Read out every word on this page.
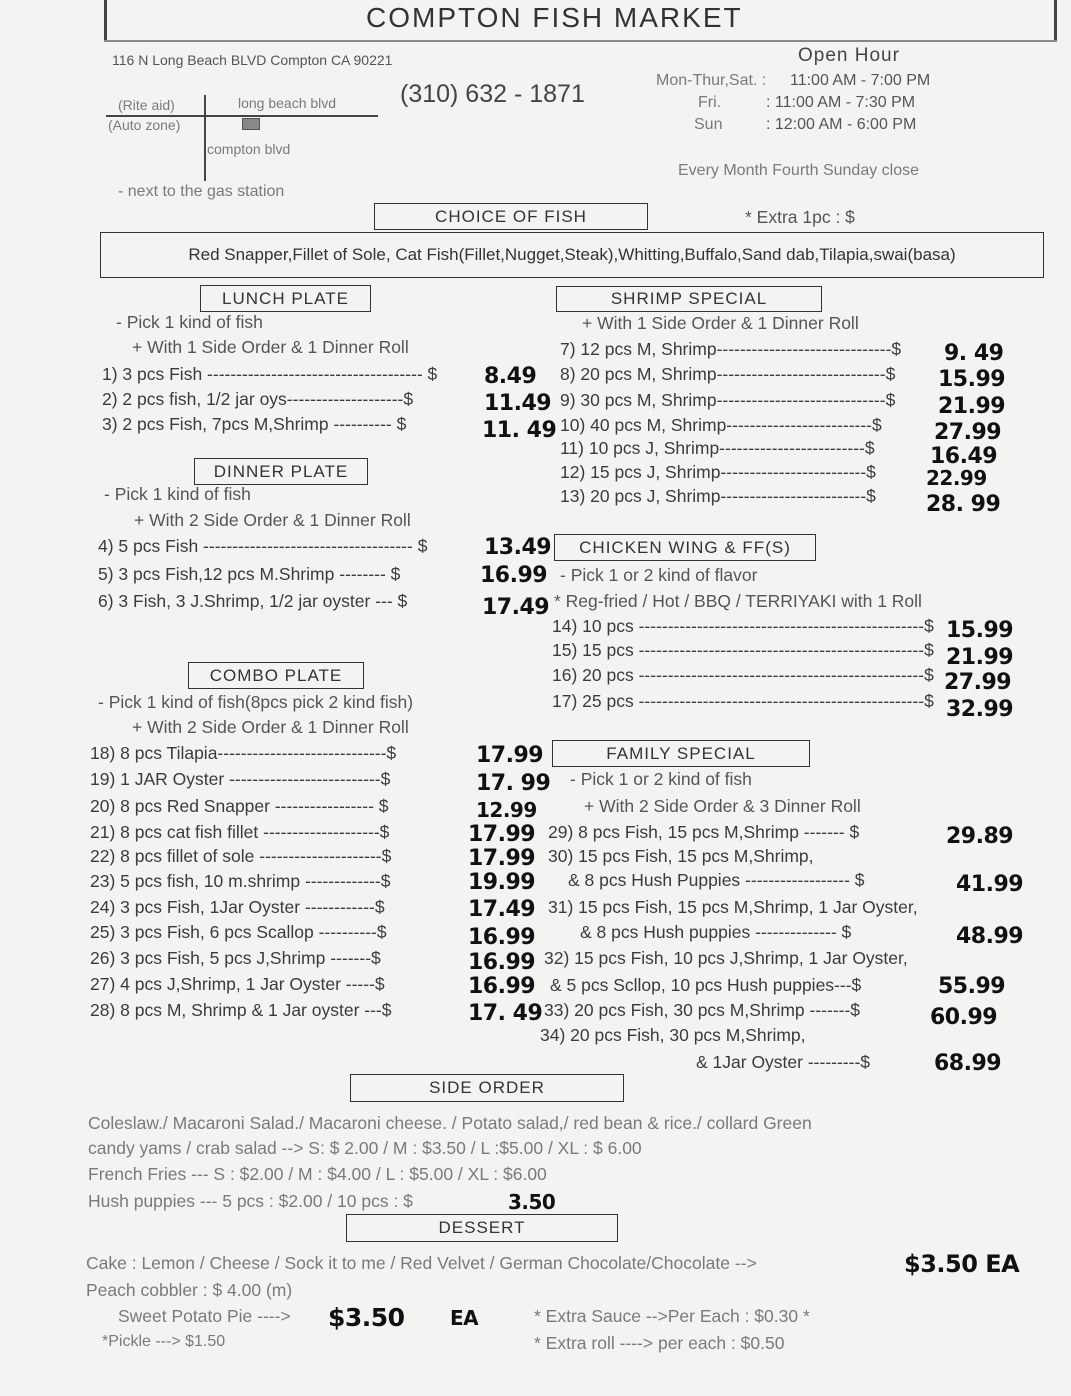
COMPTON FISH MARKET
116 N Long Beach BLVD Compton CA 90221
(310) 632 - 1871
Open Hour
Mon-Thur,Sat. : 11:00 AM - 7:00 PM
Fri.	: 11:00 AM - 7:30 PM
Sun	: 12:00 AM - 6:00 PM
Every Month Fourth Sunday close
(Rite aid)
(Auto zone)
long beach blvd
compton blvd
- next to the gas station
CHOICE OF FISH	* Extra 1pc : $
Red Snapper,Fillet of Sole, Cat Fish(Fillet,Nugget,Steak),Whitting,Buffalo,Sand dab,Tilapia,swai(basa)
LUNCH PLATE
- Pick 1 kind of fish
+ With 1 Side Order & 1 Dinner Roll
1) 3 pcs Fish ------------------------------------- $ 8.49
2) 2 pcs fish, 1/2 jar oys--------------------$	11.49
3) 2 pcs Fish, 7pcs M,Shrimp ---------- $	11. 49
DINNER PLATE
- Pick 1 kind of fish
+ With 2 Side Order & 1 Dinner Roll
4) 5 pcs Fish ------------------------------------ $	13.49
5) 3 pcs Fish,12 pcs M.Shrimp -------- $	16.99
6) 3 Fish, 3 J.Shrimp, 1/2 jar oyster --- $	17.49
COMBO PLATE
- Pick 1 kind of fish(8pcs pick 2 kind fish)
+ With 2 Side Order & 1 Dinner Roll
18) 8 pcs Tilapia-----------------------------$	17.99
19) 1 JAR Oyster --------------------------$	17. 99
20) 8 pcs Red Snapper ----------------- $	12.99
21) 8 pcs cat fish fillet --------------------$	17.99
22) 8 pcs fillet of sole ---------------------$	17.99
23) 5 pcs fish, 10 m.shrimp -------------$	19.99
24) 3 pcs Fish, 1Jar Oyster ------------$	17.49
25) 3 pcs Fish, 6 pcs Scallop ----------$	16.99
26) 3 pcs Fish, 5 pcs J,Shrimp -------$	16.99
27) 4 pcs J,Shrimp, 1 Jar Oyster -----$	16.99
28) 8 pcs M, Shrimp & 1 Jar oyster ---$	17. 49
SHRIMP SPECIAL
+ With 1 Side Order & 1 Dinner Roll
7) 12 pcs M, Shrimp------------------------------$ 9. 49
8) 20 pcs M, Shrimp-----------------------------$ 15.99
9) 30 pcs M, Shrimp-----------------------------$ 21.99
10) 40 pcs M, Shrimp-------------------------$ 27.99
11) 10 pcs J, Shrimp-------------------------$	16.49
12) 15 pcs J, Shrimp-------------------------$	22.99
13) 20 pcs J, Shrimp-------------------------$ 28. 99
CHICKEN WING & FF(S)
- Pick 1 or 2 kind of flavor
* Reg-fried / Hot / BBQ / TERRIYAKI with 1 Roll
14) 10 pcs -------------------------------------------------$ 15.99
15) 15 pcs -------------------------------------------------$ 21.99
16) 20 pcs -------------------------------------------------$ 27.99
17) 25 pcs -------------------------------------------------$ 32.99
FAMILY SPECIAL
- Pick 1 or 2 kind of fish
+ With 2 Side Order & 3 Dinner Roll
29) 8 pcs Fish, 15 pcs M,Shrimp ------- $	29.89
30) 15 pcs Fish, 15 pcs M,Shrimp,
& 8 pcs Hush Puppies ------------------ $	41.99
31) 15 pcs Fish, 15 pcs M,Shrimp, 1 Jar Oyster,
& 8 pcs Hush puppies -------------- $	48.99
32) 15 pcs Fish, 10 pcs J,Shrimp, 1 Jar Oyster,
& 5 pcs Scllop, 10 pcs Hush puppies---$	55.99
33) 20 pcs Fish, 30 pcs M,Shrimp -------$	60.99
34) 20 pcs Fish, 30 pcs M,Shrimp,
& 1Jar Oyster ---------$	68.99
SIDE ORDER
Coleslaw./ Macaroni Salad./ Macaroni cheese. / Potato salad,/ red bean & rice./ collard Green
candy yams / crab salad --> S: $ 2.00 / M : $3.50 / L :$5.00 / XL : $ 6.00
French Fries --- S : $2.00 / M : $4.00 / L : $5.00 / XL : $6.00
Hush puppies --- 5 pcs : $2.00 / 10 pcs : $	3.50
DESSERT
Cake : Lemon / Cheese / Sock it to me / Red Velvet / German Chocolate/Chocolate -->	$3.50 EA
Peach cobbler : $ 4.00 (m)
Sweet Potato Pie ----> $3.50 EA
*Pickle ---> $1.50
* Extra Sauce -->Per Each : $0.30 *
* Extra roll ----> per each : $0.50
